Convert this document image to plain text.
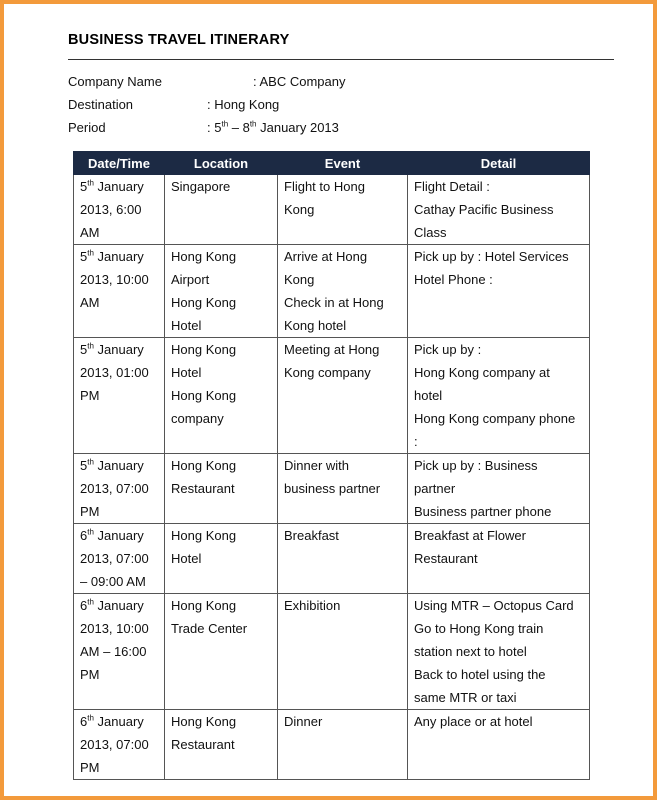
BUSINESS TRAVEL ITINERARY
Company Name	: ABC Company
Destination	: Hong Kong
Period	: 5th – 8th January 2013
Date/Time	Location	Event	Detail

5th January
2013, 6:00
AM	Singapore	Flight to Hong
Kong	Flight Detail :
Cathay Pacific Business
Class

5th January
2013, 10:00
AM	Hong Kong
Airport
Hong Kong
Hotel	Arrive at Hong
Kong
Check in at Hong
Kong hotel	Pick up by : Hotel Services
Hotel Phone :

5th January
2013, 01:00
PM	Hong Kong
Hotel
Hong Kong
company	Meeting at Hong
Kong company	Pick up by :
Hong Kong company at
hotel
Hong Kong company phone
:

5th January
2013, 07:00
PM	Hong Kong
Restaurant	Dinner with
business partner	Pick up by : Business
partner
Business partner phone

6th January
2013, 07:00
– 09:00 AM	Hong Kong
Hotel	Breakfast	Breakfast at Flower
Restaurant

6th January
2013, 10:00
AM – 16:00
PM	Hong Kong
Trade Center	Exhibition	Using MTR – Octopus Card
Go to Hong Kong train
station next to hotel
Back to hotel using the
same MTR or taxi

6th January
2013, 07:00
PM	Hong Kong
Restaurant	Dinner	Any place or at hotel
